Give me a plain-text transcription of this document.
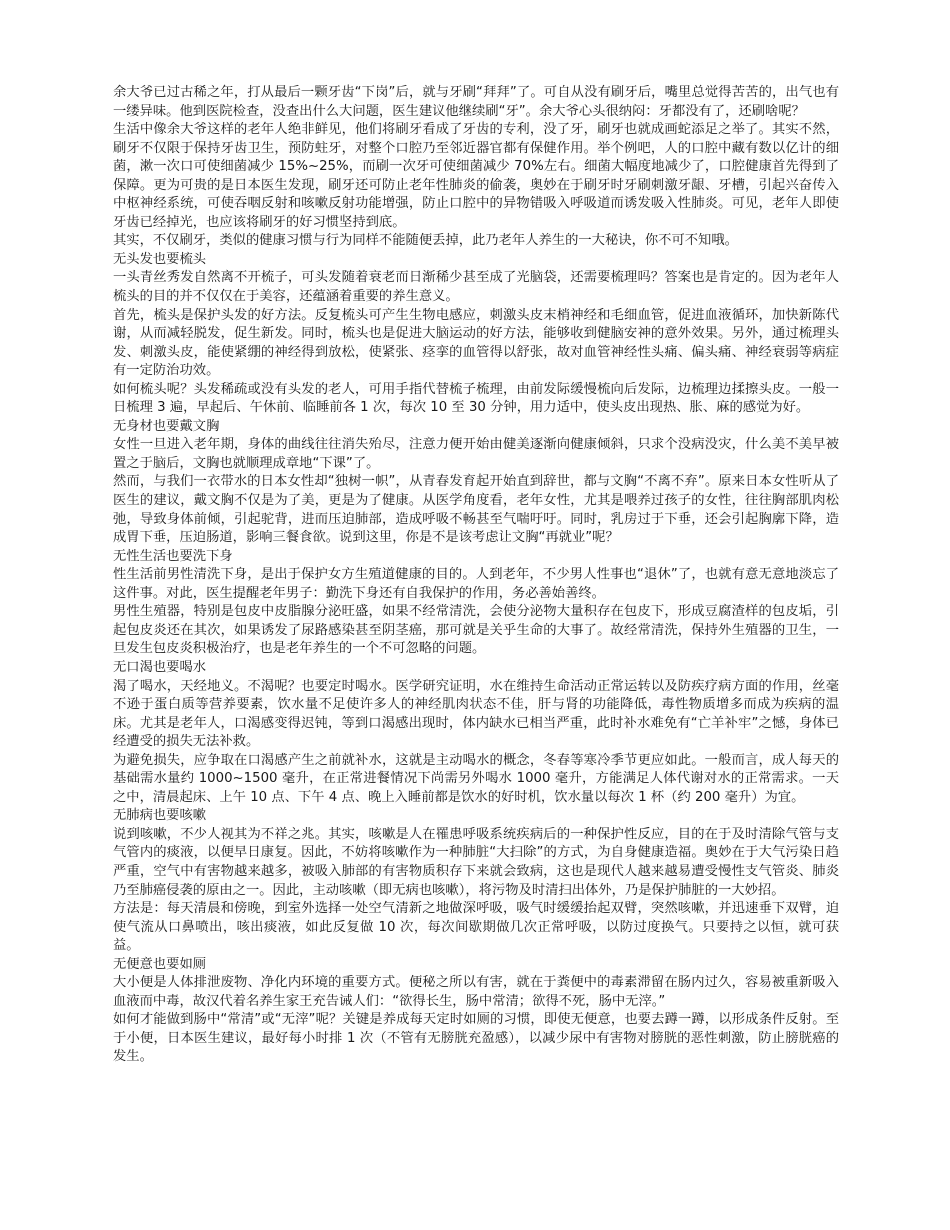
余大爷已过古稀之年，打从最后一颗牙齿“下岗”后，就与牙刷“拜拜”了。可自从没有刷牙后，嘴里总觉得苦苦的，出气也有一缕异味。他到医院检查，没查出什么大问题，医生建议他继续刷“牙”。余大爷心头很纳闷：牙都没有了，还刷啥呢？

生活中像余大爷这样的老年人绝非鲜见，他们将刷牙看成了牙齿的专利，没了牙，刷牙也就成画蛇添足之举了。其实不然，刷牙不仅限于保持牙齿卫生，预防蛀牙，对整个口腔乃至邻近器官都有保健作用。举个例吧，人的口腔中藏有数以亿计的细菌，漱一次口可使细菌减少 15%~25%，而刷一次牙可使细菌减少 70%左右。细菌大幅度地减少了，口腔健康首先得到了保障。更为可贵的是日本医生发现，刷牙还可防止老年性肺炎的偷袭，奥妙在于刷牙时牙刷刺激牙龈、牙槽，引起兴奋传入中枢神经系统，可使吞咽反射和咳嗽反射功能增强，防止口腔中的异物错吸入呼吸道而诱发吸入性肺炎。可见，老年人即使牙齿已经掉光，也应该将刷牙的好习惯坚持到底。

其实，不仅刷牙，类似的健康习惯与行为同样不能随便丢掉，此乃老年人养生的一大秘诀，你不可不知哦。

无头发也要梳头

一头青丝秀发自然离不开梳子，可头发随着衰老而日渐稀少甚至成了光脑袋，还需要梳理吗？答案也是肯定的。因为老年人梳头的目的并不仅仅在于美容，还蕴涵着重要的养生意义。

首先，梳头是保护头发的好方法。反复梳头可产生生物电感应，刺激头皮末梢神经和毛细血管，促进血液循环，加快新陈代谢，从而减轻脱发，促生新发。同时，梳头也是促进大脑运动的好方法，能够收到健脑安神的意外效果。另外，通过梳理头发、刺激头皮，能使紧绷的神经得到放松，使紧张、痉挛的血管得以舒张，故对血管神经性头痛、偏头痛、神经衰弱等病症有一定防治功效。

如何梳头呢？头发稀疏或没有头发的老人，可用手指代替梳子梳理，由前发际缓慢梳向后发际，边梳理边揉擦头皮。一般一日梳理 3 遍，早起后、午休前、临睡前各 1 次，每次 10 至 30 分钟，用力适中，使头皮出现热、胀、麻的感觉为好。

无身材也要戴文胸

女性一旦进入老年期，身体的曲线往往消失殆尽，注意力便开始由健美逐渐向健康倾斜，只求个没病没灾，什么美不美早被置之于脑后，文胸也就顺理成章地“下课”了。

然而，与我们一衣带水的日本女性却“独树一帜”，从青春发育起开始直到辞世，都与文胸“不离不弃”。原来日本女性听从了医生的建议，戴文胸不仅是为了美，更是为了健康。从医学角度看，老年女性，尤其是喂养过孩子的女性，往往胸部肌肉松弛，导致身体前倾，引起驼背，进而压迫肺部，造成呼吸不畅甚至气喘吁吁。同时，乳房过于下垂，还会引起胸廓下降，造成胃下垂，压迫肠道，影响三餐食欲。说到这里，你是不是该考虑让文胸“再就业”呢？

无性生活也要洗下身

性生活前男性清洗下身，是出于保护女方生殖道健康的目的。人到老年，不少男人性事也“退休”了，也就有意无意地淡忘了这件事。对此，医生提醒老年男子：勤洗下身还有自我保护的作用，务必善始善终。

男性生殖器，特别是包皮中皮脂腺分泌旺盛，如果不经常清洗，会使分泌物大量积存在包皮下，形成豆腐渣样的包皮垢，引起包皮炎还在其次，如果诱发了尿路感染甚至阴茎癌，那可就是关乎生命的大事了。故经常清洗，保持外生殖器的卫生，一旦发生包皮炎积极治疗，也是老年养生的一个不可忽略的问题。

无口渴也要喝水

渴了喝水，天经地义。不渴呢？也要定时喝水。医学研究证明，水在维持生命活动正常运转以及防疾疗病方面的作用，丝毫不逊于蛋白质等营养要素，饮水量不足使许多人的神经肌肉状态不佳，肝与肾的功能降低，毒性物质增多而成为疾病的温床。尤其是老年人，口渴感变得迟钝，等到口渴感出现时，体内缺水已相当严重，此时补水难免有“亡羊补牢”之憾，身体已经遭受的损失无法补救。

为避免损失，应争取在口渴感产生之前就补水，这就是主动喝水的概念，冬春等寒冷季节更应如此。一般而言，成人每天的基础需水量约 1000~1500 毫升，在正常进餐情况下尚需另外喝水 1000 毫升，方能满足人体代谢对水的正常需求。一天之中，清晨起床、上午 10 点、下午 4 点、晚上入睡前都是饮水的好时机，饮水量以每次 1 杯（约 200 毫升）为宜。

无肺病也要咳嗽

说到咳嗽，不少人视其为不祥之兆。其实，咳嗽是人在罹患呼吸系统疾病后的一种保护性反应，目的在于及时清除气管与支气管内的痰液，以便早日康复。因此，不妨将咳嗽作为一种肺脏“大扫除”的方式，为自身健康造福。奥妙在于大气污染日趋严重，空气中有害物越来越多，被吸入肺部的有害物质积存下来就会致病，这也是现代人越来越易遭受慢性支气管炎、肺炎乃至肺癌侵袭的原由之一。因此，主动咳嗽（即无病也咳嗽），将污物及时清扫出体外，乃是保护肺脏的一大妙招。

方法是：每天清晨和傍晚，到室外选择一处空气清新之地做深呼吸，吸气时缓缓抬起双臂，突然咳嗽，并迅速垂下双臂，迫使气流从口鼻喷出，咳出痰液，如此反复做 10 次，每次间歇期做几次正常呼吸，以防过度换气。只要持之以恒，就可获益。

无便意也要如厕

大小便是人体排泄废物、净化内环境的重要方式。便秘之所以有害，就在于粪便中的毒素滞留在肠内过久，容易被重新吸入血液而中毒，故汉代着名养生家王充告诫人们：“欲得长生，肠中常清；欲得不死，肠中无滓。”

如何才能做到肠中“常清”或“无滓”呢？关键是养成每天定时如厕的习惯，即使无便意，也要去蹲一蹲，以形成条件反射。至于小便，日本医生建议，最好每小时排 1 次（不管有无膀胱充盈感），以减少尿中有害物对膀胱的恶性刺激，防止膀胱癌的发生。
